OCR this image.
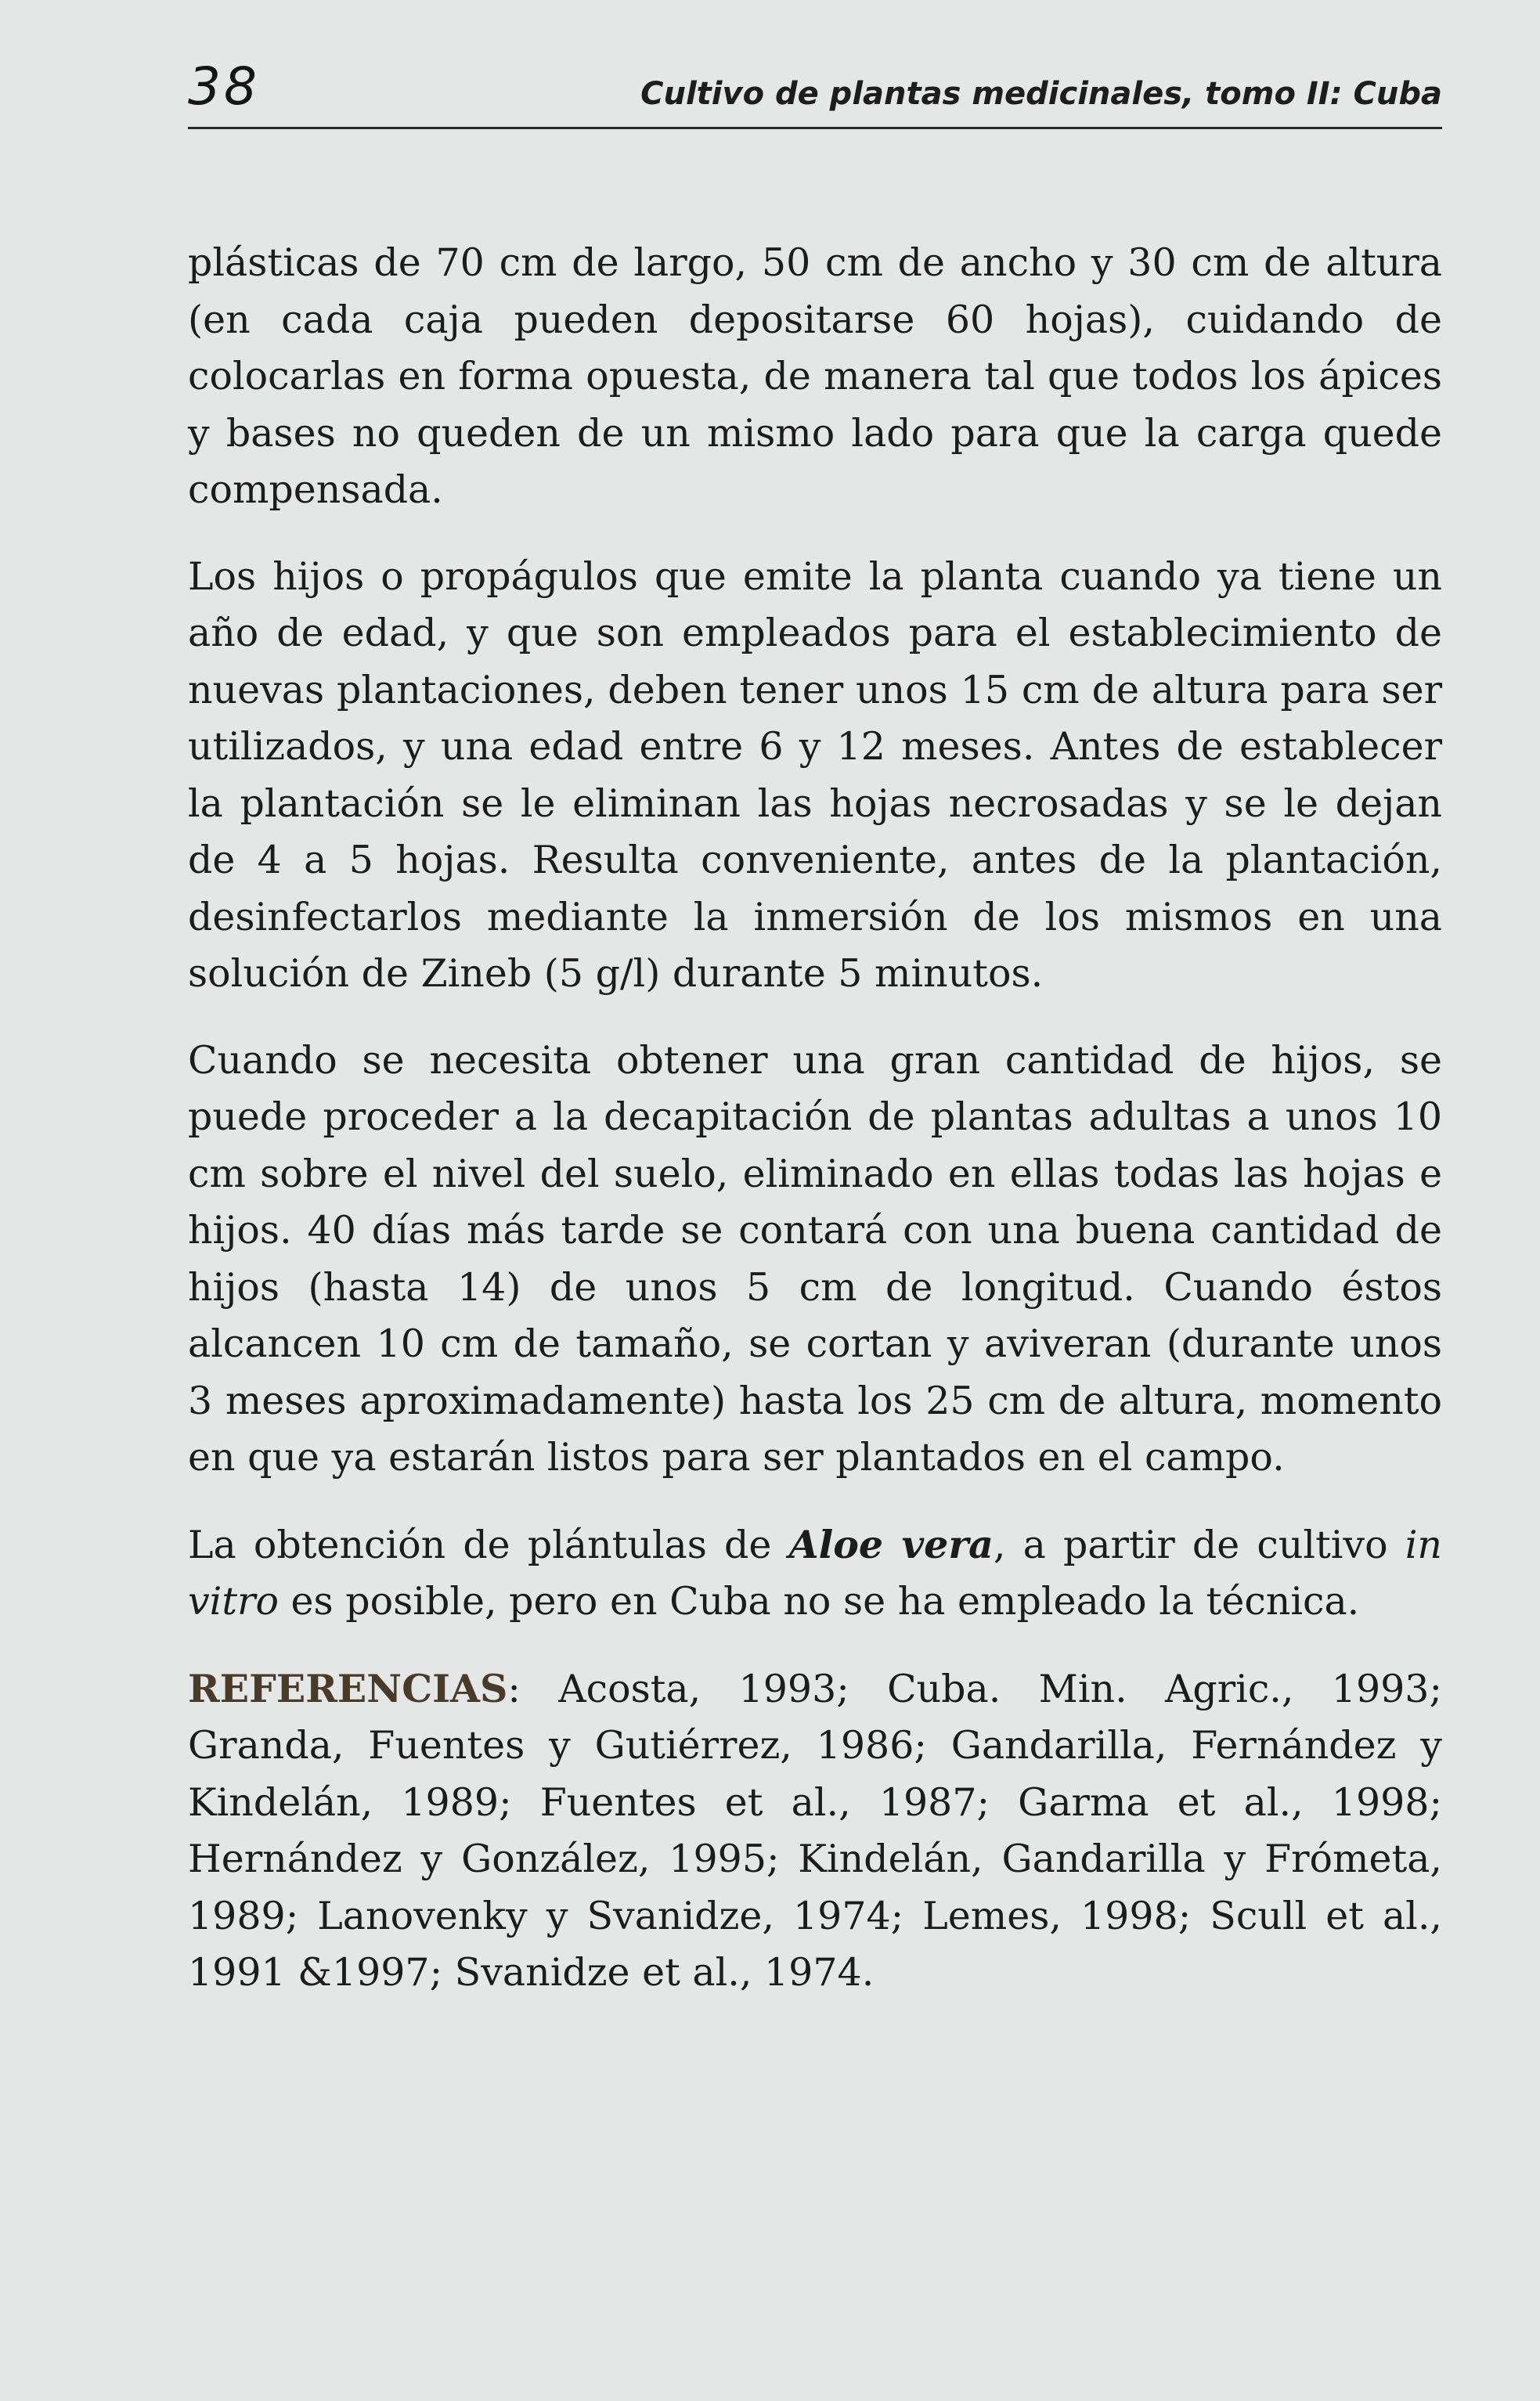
38	Cultivo de plantas medicinales, tomo II: Cuba

plásticas de 70 cm de largo, 50 cm de ancho y 30 cm de altura (en cada caja pueden depositarse 60 hojas), cuidando de colocarlas en forma opuesta, de manera tal que todos los ápices y bases no queden de un mismo lado para que la carga quede compensada.

Los hijos o propágulos que emite la planta cuando ya tiene un año de edad, y que son empleados para el establecimiento de nuevas plantaciones, deben tener unos 15 cm de altura para ser utilizados, y una edad entre 6 y 12 meses. Antes de establecer la plantación se le eliminan las hojas necrosadas y se le dejan de 4 a 5 hojas. Resulta conveniente, antes de la plantación, desinfectarlos mediante la inmersión de los mismos en una solución de Zineb (5 g/l) durante 5 minutos.

Cuando se necesita obtener una gran cantidad de hijos, se puede proceder a la decapitación de plantas adultas a unos 10 cm sobre el nivel del suelo, eliminado en ellas todas las hojas e hijos. 40 días más tarde se contará con una buena cantidad de hijos (hasta 14) de unos 5 cm de longitud. Cuando éstos alcancen 10 cm de tamaño, se cortan y aviveran (durante unos 3 meses aproximadamente) hasta los 25 cm de altura, momento en que ya estarán listos para ser plantados en el campo.

La obtención de plántulas de Aloe vera, a partir de cultivo in vitro es posible, pero en Cuba no se ha empleado la técnica.

REFERENCIAS: Acosta, 1993; Cuba. Min. Agric., 1993; Granda, Fuentes y Gutiérrez, 1986; Gandarilla, Fernández y Kindelán, 1989; Fuentes et al., 1987; Garma et al., 1998; Hernández y González, 1995; Kindelán, Gandarilla y Frómeta, 1989; Lanovenky y Svanidze, 1974; Lemes, 1998; Scull et al., 1991 &1997; Svanidze et al., 1974.
